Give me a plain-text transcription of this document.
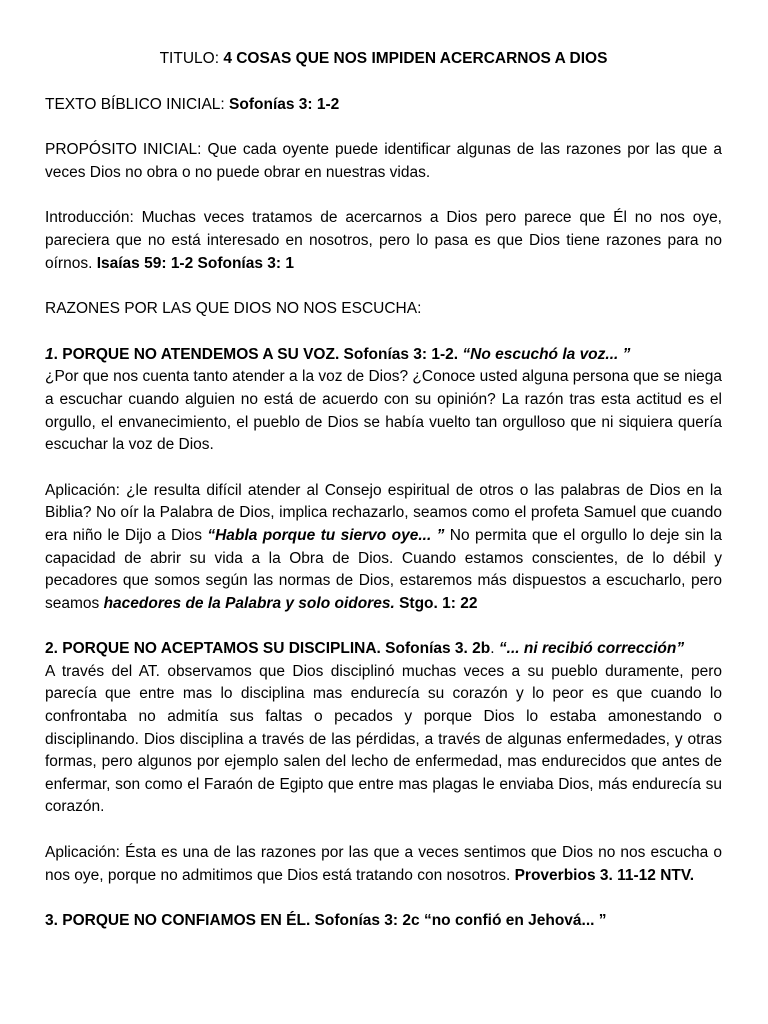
TITULO: 4 COSAS QUE NOS IMPIDEN ACERCARNOS A DIOS
TEXTO BÍBLICO INICIAL: Sofonías 3: 1-2
PROPÓSITO INICIAL: Que cada oyente puede identificar algunas de las razones por las que a veces Dios no obra o no puede obrar en nuestras vidas.
Introducción: Muchas veces tratamos de acercarnos a Dios pero parece que Él no nos oye, pareciera que no está interesado en nosotros, pero lo pasa es que Dios tiene razones para no oírnos. Isaías 59: 1-2 Sofonías 3: 1
RAZONES POR LAS QUE DIOS NO NOS ESCUCHA:
1. PORQUE NO ATENDEMOS A SU VOZ. Sofonías 3: 1-2. “No escuchó la voz... ”
¿Por que nos cuenta tanto atender a la voz de Dios? ¿Conoce usted alguna persona que se niega a escuchar cuando alguien no está de acuerdo con su opinión? La razón tras esta actitud es el orgullo, el envanecimiento, el pueblo de Dios se había vuelto tan orgulloso que ni siquiera quería escuchar la voz de Dios.
Aplicación: ¿le resulta difícil atender al Consejo espiritual de otros o las palabras de Dios en la Biblia? No oír la Palabra de Dios, implica rechazarlo, seamos como el profeta Samuel que cuando era niño le Dijo a Dios “Habla porque tu siervo oye... ” No permita que el orgullo lo deje sin la capacidad de abrir su vida a la Obra de Dios. Cuando estamos conscientes, de lo débil y pecadores que somos según las normas de Dios, estaremos más dispuestos a escucharlo, pero seamos hacedores de la Palabra y solo oidores. Stgo. 1: 22
2. PORQUE NO ACEPTAMOS SU DISCIPLINA. Sofonías 3. 2b. “... ni recibió corrección”
A través del AT. observamos que Dios disciplinó muchas veces a su pueblo duramente, pero parecía que entre mas lo disciplina mas endurecía su corazón y lo peor es que cuando lo confrontaba no admitía sus faltas o pecados y porque Dios lo estaba amonestando o disciplinando. Dios disciplina a través de las pérdidas, a través de algunas enfermedades, y otras formas, pero algunos por ejemplo salen del lecho de enfermedad, mas endurecidos que antes de enfermar, son como el Faraón de Egipto que entre mas plagas le enviaba Dios, más endurecía su corazón.
Aplicación: Ésta es una de las razones por las que a veces sentimos que Dios no nos escucha o nos oye, porque no admitimos que Dios está tratando con nosotros. Proverbios 3. 11-12 NTV.
3. PORQUE NO CONFIAMOS EN ÉL. Sofonías 3: 2c “no confió en Jehová... ”
